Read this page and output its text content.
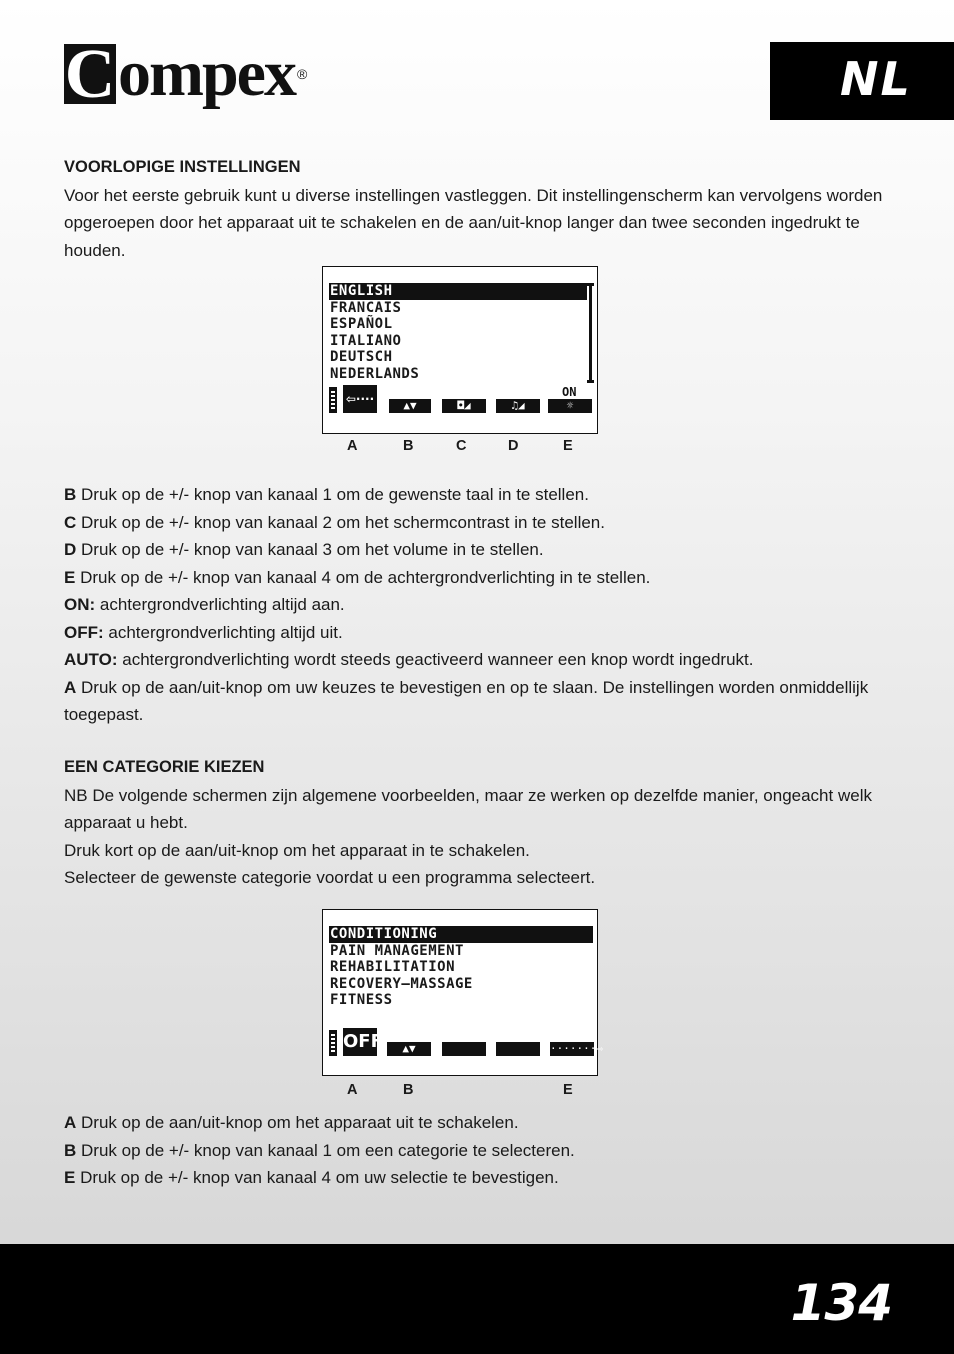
C ompex ®	NL
VOORLOPIGE INSTELLINGEN

Voor het eerste gebruik kunt u diverse instellingen vastleggen. Dit instellingenscherm kan vervolgens worden opgeroepen door het apparaat uit te schakelen en de aan/uit-knop langer dan twee seconden ingedrukt te houden.

ENGLISH
FRANCAIS
ESPAÑOL
ITALIANO
DEUTSCH
NEDERLANDS
⇦····	▲▼	◘◢	♫◢
ON
☼
A	B	C	D	E
B Druk op de +/- knop van kanaal 1 om de gewenste taal in te stellen.
C Druk op de +/- knop van kanaal 2 om het schermcontrast in te stellen.
D Druk op de +/- knop van kanaal 3 om het volume in te stellen.
E Druk op de +/- knop van kanaal 4 om de achtergrondverlichting in te stellen.
ON: achtergrondverlichting altijd aan.
OFF: achtergrondverlichting altijd uit.
AUTO: achtergrondverlichting wordt steeds geactiveerd wanneer een knop wordt ingedrukt.
A Druk op de aan/uit-knop om uw keuzes te bevestigen en op te slaan. De instellingen worden onmiddellijk toegepast.
EEN CATEGORIE KIEZEN
NB De volgende schermen zijn algemene voorbeelden, maar ze werken op dezelfde manier, ongeacht welk apparaat u hebt.
Druk kort op de aan/uit-knop om het apparaat in te schakelen.
Selecteer de gewenste categorie voordat u een programma selecteert.
CONDITIONING
PAIN MANAGEMENT
REHABILITATION
RECOVERY–MASSAGE
FITNESS
OFF	▲▼	·······⇨
A	B	E
A Druk op de aan/uit-knop om het apparaat uit te schakelen.
B Druk op de +/- knop van kanaal 1 om een categorie te selecteren.
E Druk op de +/- knop van kanaal 4 om uw selectie te bevestigen.
134
